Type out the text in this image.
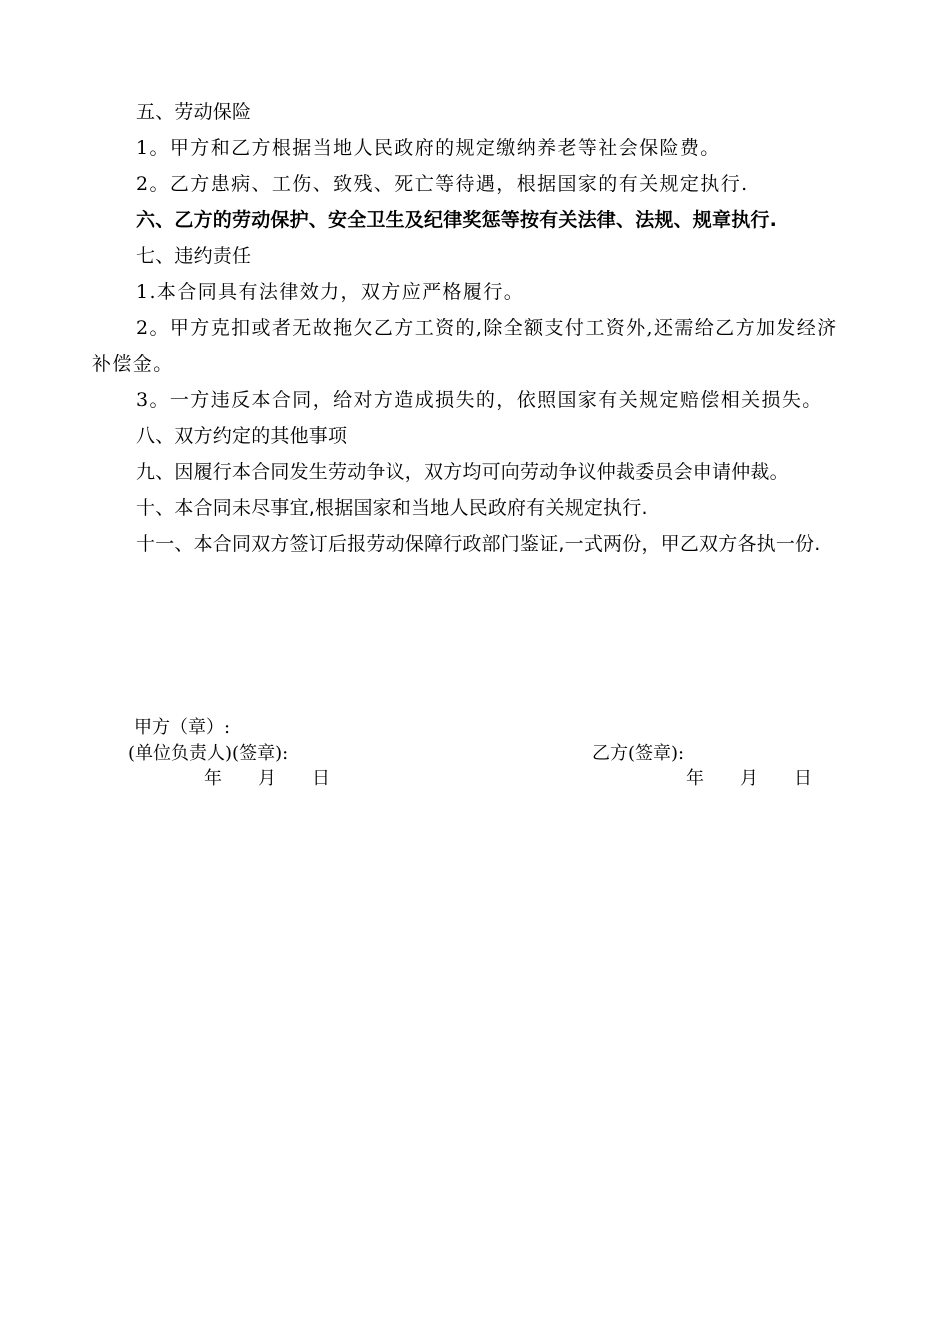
五、劳动保险

1。甲方和乙方根据当地人民政府的规定缴纳养老等社会保险费。

2。乙方患病、工伤、致残、死亡等待遇，根据国家的有关规定执行.

六、乙方的劳动保护、安全卫生及纪律奖惩等按有关法律、法规、规章执行.

七、违约责任

1.本合同具有法律效力，双方应严格履行。

2。甲方克扣或者无故拖欠乙方工资的,除全额支付工资外,还需给乙方加发经济补偿金。

3。一方违反本合同，给对方造成损失的，依照国家有关规定赔偿相关损失。

八、双方约定的其他事项

九、因履行本合同发生劳动争议，双方均可向劳动争议仲裁委员会申请仲裁。

十、本合同未尽事宜,根据国家和当地人民政府有关规定执行.

十一、本合同双方签订后报劳动保障行政部门鉴证,一式两份，甲乙双方各执一份.

甲方（章）:
(单位负责人)(签章):	乙方(签章):
年　　月　　日	年　　月　　日
